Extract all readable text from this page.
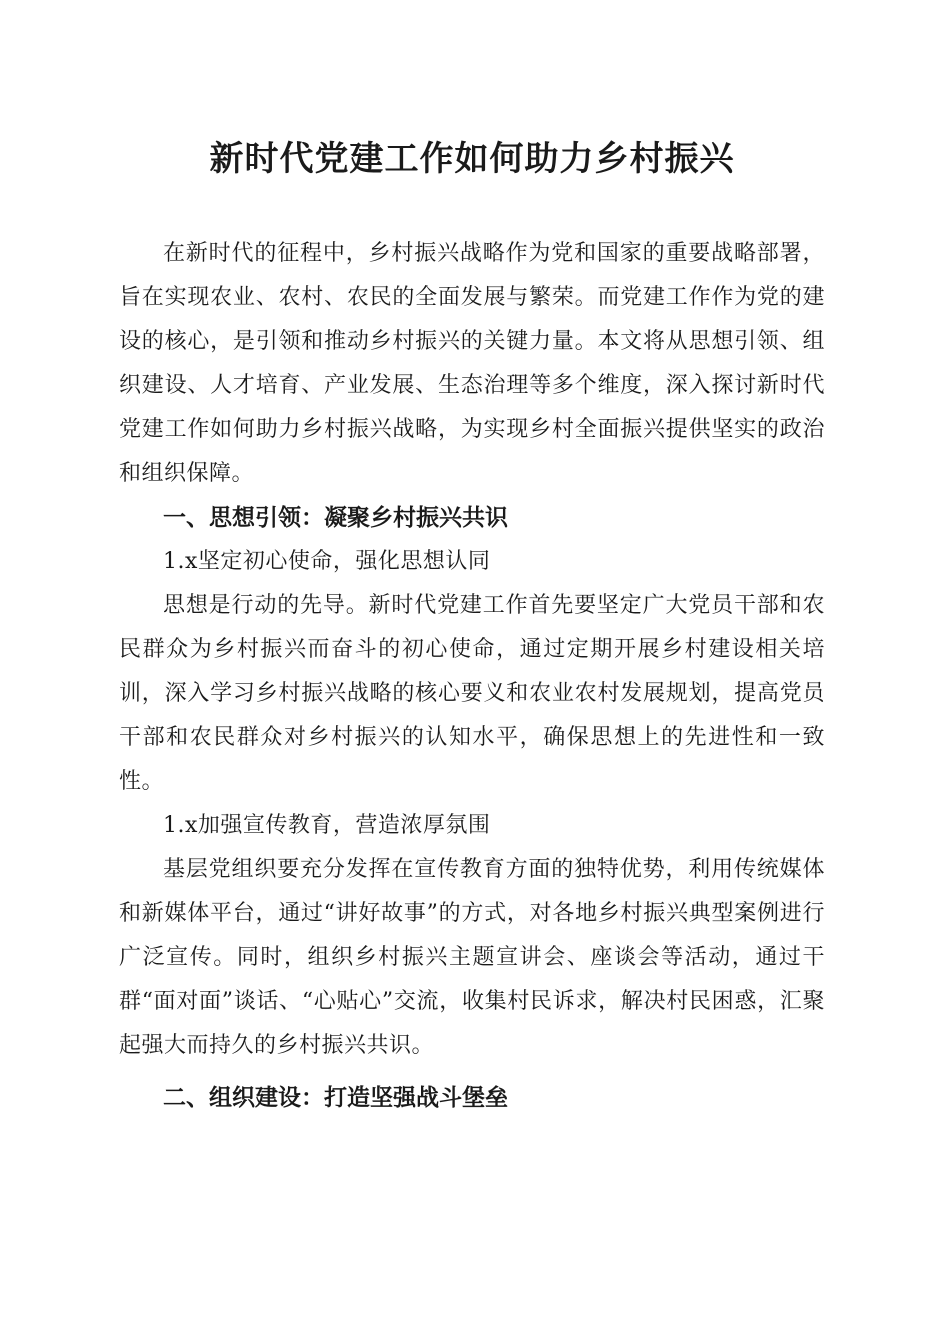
新时代党建工作如何助力乡村振兴

在新时代的征程中，乡村振兴战略作为党和国家的重要战略部署，旨在实现农业、农村、农民的全面发展与繁荣。而党建工作作为党的建设的核心，是引领和推动乡村振兴的关键力量。本文将从思想引领、组织建设、人才培育、产业发展、生态治理等多个维度，深入探讨新时代党建工作如何助力乡村振兴战略，为实现乡村全面振兴提供坚实的政治和组织保障。

一、思想引领：凝聚乡村振兴共识

1.x坚定初心使命，强化思想认同

思想是行动的先导。新时代党建工作首先要坚定广大党员干部和农民群众为乡村振兴而奋斗的初心使命，通过定期开展乡村建设相关培训，深入学习乡村振兴战略的核心要义和农业农村发展规划，提高党员干部和农民群众对乡村振兴的认知水平，确保思想上的先进性和一致性。

1.x加强宣传教育，营造浓厚氛围

基层党组织要充分发挥在宣传教育方面的独特优势，利用传统媒体和新媒体平台，通过“讲好故事”的方式，对各地乡村振兴典型案例进行广泛宣传。同时，组织乡村振兴主题宣讲会、座谈会等活动，通过干群“面对面”谈话、“心贴心”交流，收集村民诉求，解决村民困惑，汇聚起强大而持久的乡村振兴共识。

二、组织建设：打造坚强战斗堡垒
